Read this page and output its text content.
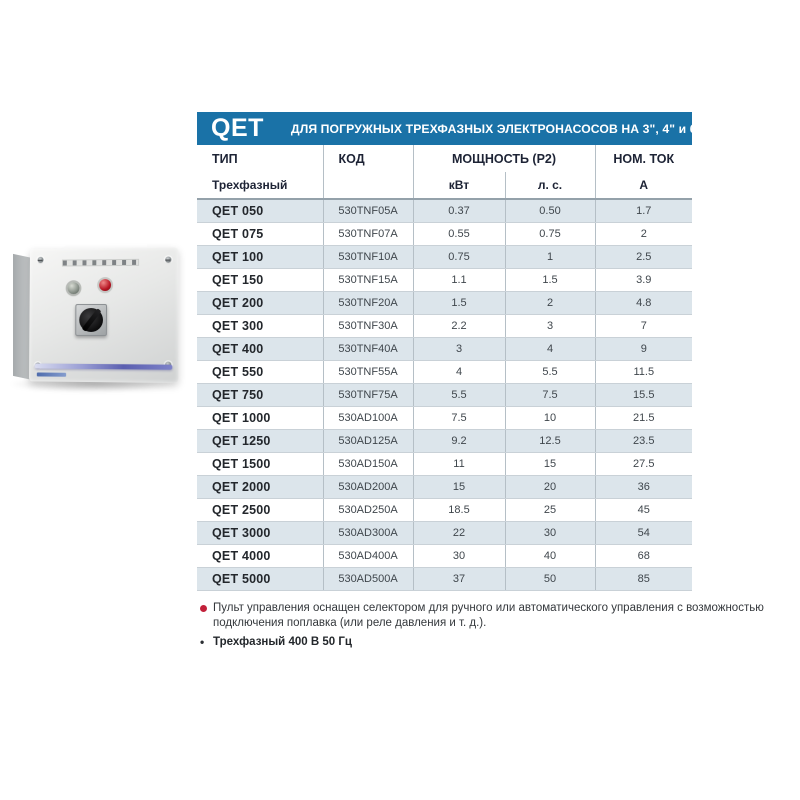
QET ДЛЯ ПОГРУЖНЫХ ТРЕХФАЗНЫХ ЭЛЕКТРОНАСОСОВ НА 3", 4" и 6"
ТИП	КОД	МОЩНОСТЬ (P2)		НОМ. ТОК
Трехфазный		кВт	л. с.	А
QET 050	530TNF05A	0.37	0.50	1.7
QET 075	530TNF07A	0.55	0.75	2
QET 100	530TNF10A	0.75	1	2.5
QET 150	530TNF15A	1.1	1.5	3.9
QET 200	530TNF20A	1.5	2	4.8
QET 300	530TNF30A	2.2	3	7
QET 400	530TNF40A	3	4	9
QET 550	530TNF55A	4	5.5	11.5
QET 750	530TNF75A	5.5	7.5	15.5
QET 1000	530AD100A	7.5	10	21.5
QET 1250	530AD125A	9.2	12.5	23.5
QET 1500	530AD150A	11	15	27.5
QET 2000	530AD200A	15	20	36
QET 2500	530AD250A	18.5	25	45
QET 3000	530AD300A	22	30	54
QET 4000	530AD400A	30	40	68
QET 5000	530AD500A	37	50	85
Пульт управления оснащен селектором для ручного или автоматического управления с возможностью подключения поплавка (или реле давления и т. д.).
• Трехфазный 400 В 50 Гц
